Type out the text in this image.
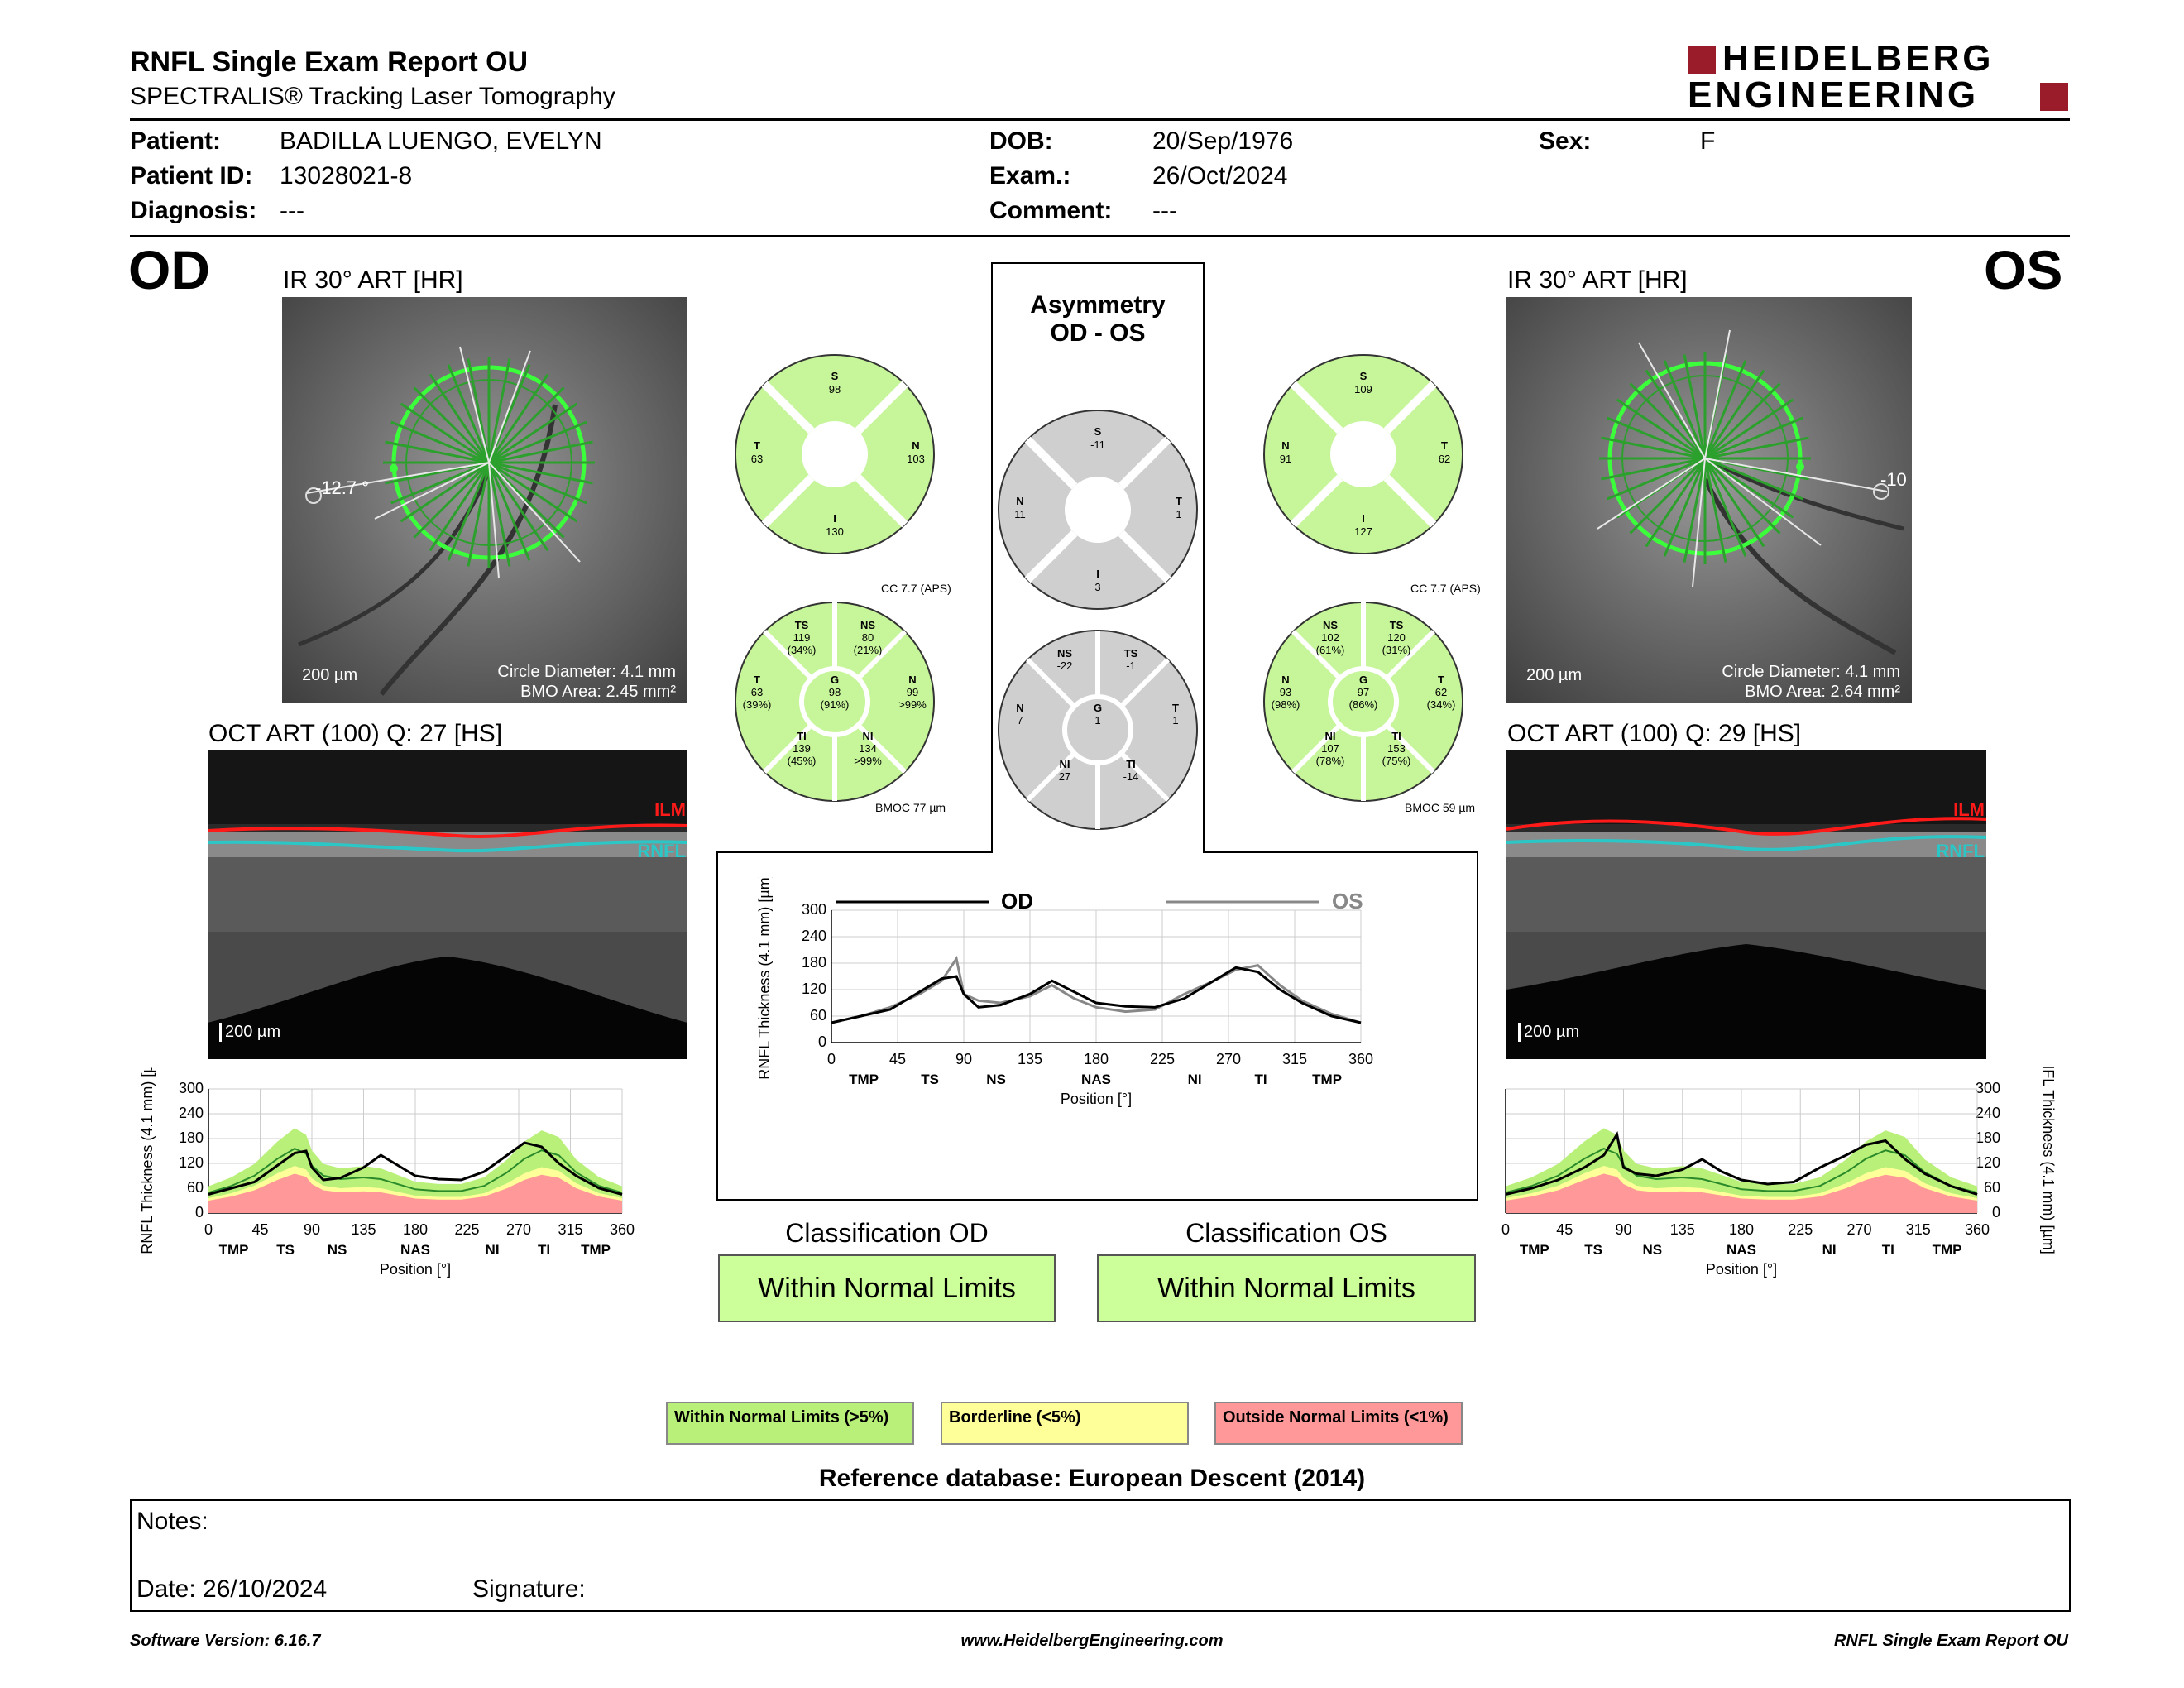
RNFL Single Exam Report OU
SPECTRALIS® Tracking Laser Tomography
HEIDELBERG
ENGINEERING
Patient: BADILLA LUENGO, EVELYN
Patient ID: 13028021-8
Diagnosis: ---
DOB:	20/Sep/1976
Exam.:	26/Oct/2024
Comment: ---
Sex:	F
OD	OS
IR 30° ART [HR]
-12.7 °
200 µm	Circle Diameter: 4.1 mm
BMO Area: 2.45 mm²
IR 30° ART [HR]
-10
200 µm	Circle Diameter: 4.1 mm
BMO Area: 2.64 mm²
OCT ART (100) Q: 27 [HS]
ILM
RNFL
200 µm
OCT ART (100) Q: 29 [HS]
ILM
RNFL
200 µm
S
98
N
103
I
130
T
63
S
109
T
62
I
127
N
91
S
-11
T
1
I
3
N
11
TS
119
(34%)
NS
80
(21%)
T
63
(39%)
G
98
(91%)
N
99
>99%
TI
139
(45%)
NI
134
>99%
NS
102
(61%)
TS
120
(31%)
N
93
(98%)
G
97
(86%)
T
62
(34%)
NI
107
(78%)
TI
153
(75%)
NS
-22
TS
-1
N
7
G
1
T
1
NI
27
TI
-14
CC 7.7 (APS)
BMOC 77 µm
CC 7.7 (APS)
BMOC 59 µm
Asymmetry
OD - OS
OD	OS
300
240
180
120
60
0
0	45	90	135	180	225	270	315	360
TMP	TS	NS	NAS	NI	TI	TMP
Position [°]
RNFL Thickness (4.1 mm) [µm]
300
240
180
120
60
0
0	45 90 135 180 225 270 315 360
TMP TS NS	NAS	NI	TI TMP
Position [°]
RNFL Thickness (4.1 mm) [µm]	300
240
180
120
60
0
0	45	90	135 180 225 270 315 360
TMP TS	NS	NAS	NI	TI	TMP
Position [°]
RNFL Thickness (4.1 mm) [µm]
Classification OD
Within Normal Limits
Classification OS
Within Normal Limits
Within Normal Limits (>5%)	Borderline (<5%)	Outside Normal Limits (<1%)
Reference database: European Descent (2014)
Notes:
Date: 26/10/2024	Signature:
Software Version: 6.16.7	www.HeidelbergEngineering.com	RNFL Single Exam Report OU
